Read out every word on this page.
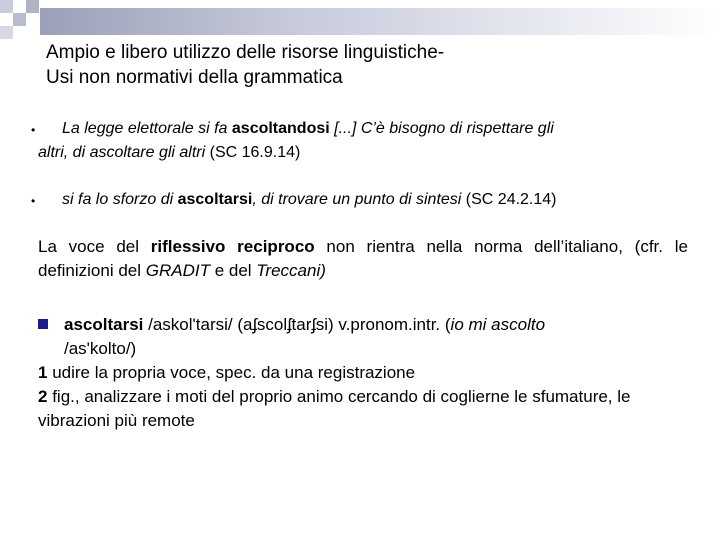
Ampio e libero utilizzo delle risorse linguistiche-
Usi non normativi della grammatica
• La legge elettorale si fa ascoltandosi [...] C’è bisogno di rispettare gli
altri, di ascoltare gli altri (SC 16.9.14)
• si fa lo sforzo di ascoltarsi, di trovare un punto di sintesi (SC 24.2.14)
La voce del riflessivo reciproco non rientra nella norma dell’italiano, (cfr. le definizioni del GRADIT e del Treccani)
ascoltarsi /askol'tarsi/ (aʄscolʄtarʄsi) v.pronom.intr. (io mi ascolto
/as'kolto/)
1 udire la propria voce, spec. da una registrazione
2 fig., analizzare i moti del proprio animo cercando di coglierne le sfumature, le vibrazioni più remote
